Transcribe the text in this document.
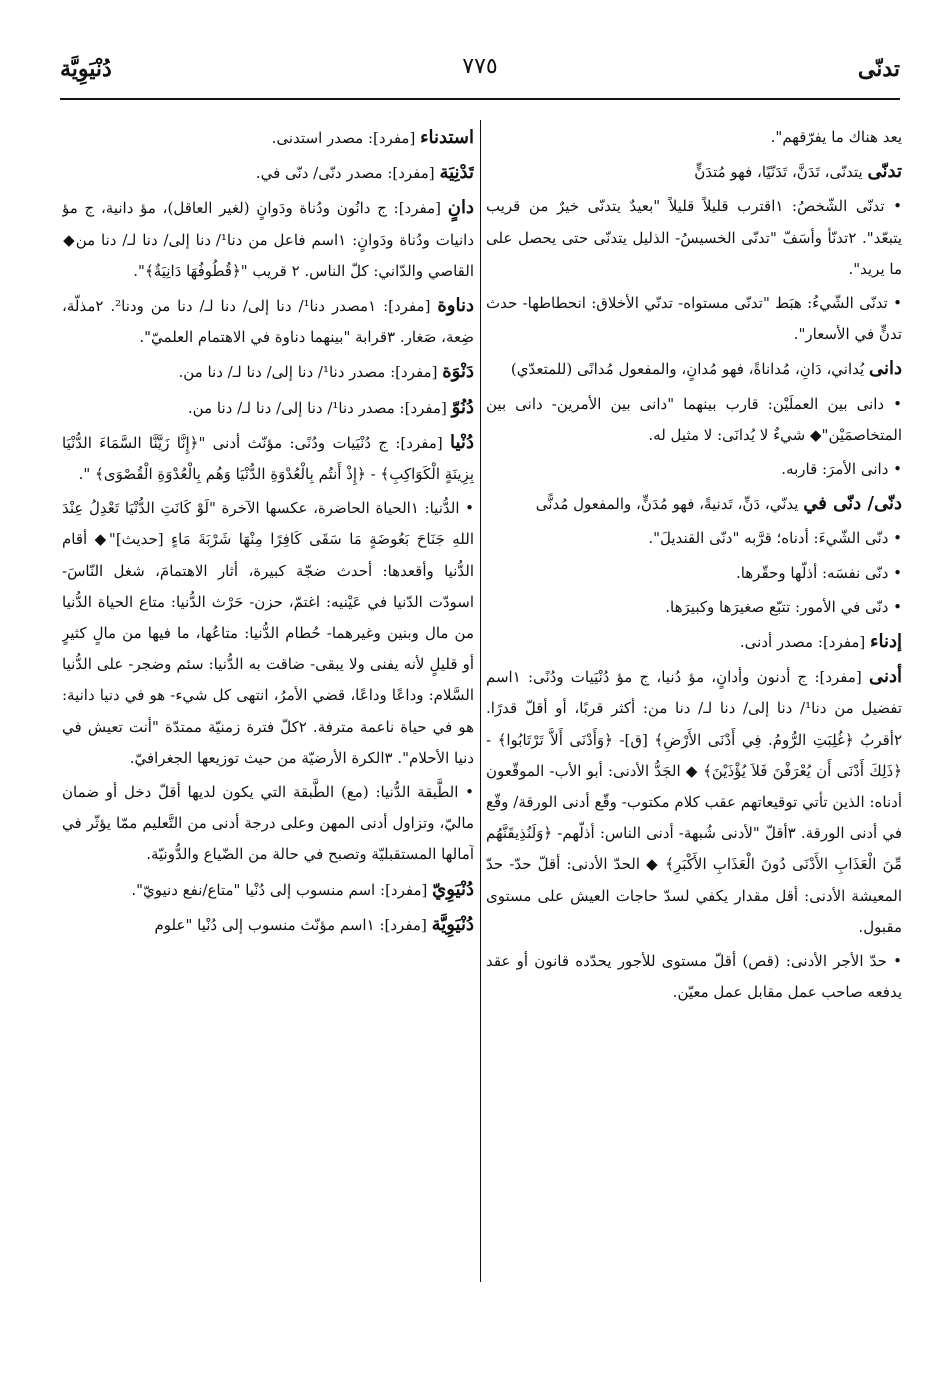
تدنّى
٧٧٥
دُنْيَوِيَّة

يعد هناك ما يفرّقهم".

تدنّى يتدنّى، تَدَنَّ، تَدَنّيًا، فهو مُتدَنٍّ

• تدنّى الشّخصُ: ١اقترب قليلاً قليلاً "بعيدٌ يتدنّى خيرٌ من قريب يتبعّد". ٢تدنّأ وأسَفّ "تدنّى الخسيسُ- الذليل يتدنّى حتى يحصل على ما يريد".

• تدنّى الشّيءُ: هبَط "تدنّى مستواه- تدنّي الأخلاق: انحطاطها- حدث تدنٍّ في الأسعار".

دانى يُداني، دَانِ، مُداناةً، فهو مُدانٍ، والمفعول مُدانًى (للمتعدّي)

• دانى بين العملَيْن: قارب بينهما "دانى بين الأمرين- دانى بين المتخاصمَيْن"◆ شيءٌ لا يُدانَى: لا مثيل له.

• دانى الأمرَ: قاربه.

دنّى/ دنّى في يدنّي، دَنِّ، تَدنيةً، فهو مُدَنٍّ، والمفعول مُدنًّى

• دنّى الشّيءَ: أدناه؛ قرَّبه "دنّى القنديلَ".

• دنّى نفسَه: أذلّها وحقّرها.

• دنّى في الأمور: تتبّع صغيرَها وكبيرَها.

إدناء [مفرد]: مصدر أدنى.

أدنى [مفرد]: ج أدنون وأدانٍ، مؤ دُنيا، ج مؤ دُنْيَيات ودُنًى: ١اسم تفضيل من دنا¹/ دنا إلى/ دنا لـ/ دنا من: أكثر قربًا، أو أقلّ قدرًا. ٢أقربُ ﴿غُلِبَتِ الرُّومُ. فِي أَدْنَى الأَرْضِ﴾ [ق]- ﴿وَأَدْنَى أَلاَّ تَرْتَابُوا﴾ - ﴿ذَلِكَ أَدْنَى أَن يُعْرَفْنَ فَلاَ يُؤْذَيْنَ﴾ ◆ الجَدُّ الأدنى: أبو الأب- الموقّعون أدناه: الذين تأتي توقيعاتهم عقب كلام مكتوب- وقّع أدنى الورقة/ وقّع في أدنى الورقة. ٣أقلّ "لأدنى شُبهة- أدنى الناس: أذلّهم- ﴿وَلَنُذِيقَنَّهُم مِّنَ الْعَذَابِ الأَدْنَى دُونَ الْعَذَابِ الأَكْبَرِ﴾ ◆ الحدّ الأدنى: أقلّ حدّ- حدّ المعيشة الأدنى: أقل مقدار يكفي لسدّ حاجات العيش على مستوى مقبول.

• حدّ الأجر الأدنى: (قص) أقلّ مستوى للأجور يحدّده قانون أو عقد يدفعه صاحب عمل مقابل عمل معيّن.

استدناء [مفرد]: مصدر استدنى.

تَدْنِيَة [مفرد]: مصدر دنّى/ دنّى في.

دانٍ [مفرد]: ج دانُون ودُناة ودَوانٍ (لغير العاقل)، مؤ دانية، ج مؤ دانيات ودُناة ودَوانٍ: ١اسم فاعل من دنا¹/ دنا إلى/ دنا لـ/ دنا من◆ القاصي والدّاني: كلّ الناس. ٢ قريب "﴿قُطُوفُهَا دَانِيَةٌ﴾".

دناوة [مفرد]: ١مصدر دنا¹/ دنا إلى/ دنا لـ/ دنا من ودنا². ٢مذلّة، ضِعة، صَغار. ٣قرابة "بينهما دناوة في الاهتمام العلميّ".

دَنْوَة [مفرد]: مصدر دنا¹/ دنا إلى/ دنا لـ/ دنا من.

دُنُوّ [مفرد]: مصدر دنا¹/ دنا إلى/ دنا لـ/ دنا من.

دُنْيا [مفرد]: ج دُنْيَيات ودُنًى: مؤنّث أدنى "﴿إِنَّا زَيَّنَّا السَّمَاءَ الدُّنْيَا بِزِينَةٍ الْكَوَاكِبِ﴾ - ﴿إِذْ أَنتُم بِالْعُدْوَةِ الدُّنْيَا وَهُم بِالْعُدْوَةِ الْقُصْوَى﴾ ".

• الدُّنيا: ١الحياة الحاضرة، عكسها الآخرة "لَوْ كَانَتِ الدُّنْيَا تَعْدِلُ عِنْدَ اللهِ جَنَاحَ بَعُوضَةٍ مَا سَقَى كَافِرًا مِنْهَا شَرْبَةَ مَاءٍ [حديث]"◆ أقام الدُّنيا وأقعدها: أحدث ضجّة كبيرة، أثار الاهتمامَ، شغل النّاسَ- اسودّت الدّنيا في عَيْنيه: اغتمّ، حزن- حَرْث الدُّنيا: متاع الحياة الدُّنيا من مال وبنين وغيرهما- حُطام الدُّنيا: متاعُها، ما فيها من مالٍ كثيرٍ أو قليلٍ لأنه يفنى ولا يبقى- ضاقت به الدُّنيا: سئم وضجر- على الدُّنيا السَّلام: وداعًا وداعًا، قضي الأمرُ، انتهى كل شيء- هو في دنيا دانية: هو في حياة ناعمة مترفة. ٢كلّ فترة زمنيّة ممتدّة "أنت تعيش في دنيا الأحلام". ٣الكرة الأرضيّة من حيث توزيعها الجغرافيّ.

• الطَّبقة الدُّنيا: (مع) الطَّبقة التي يكون لديها أقلّ دخل أو ضمان ماليّ، وتزاول أدنى المهن وعلى درجة أدنى من التَّعليم ممّا يؤثّر في آمالها المستقبليّة وتصبح في حالة من الضّياع والدُّونيّة.

دُنْيَوِيّ [مفرد]: اسم منسوب إلى دُنْيا "متاع/نفع دنيويّ".

دُنْيَوِيَّة [مفرد]: ١اسم مؤنّث منسوب إلى دُنْيا "علوم
